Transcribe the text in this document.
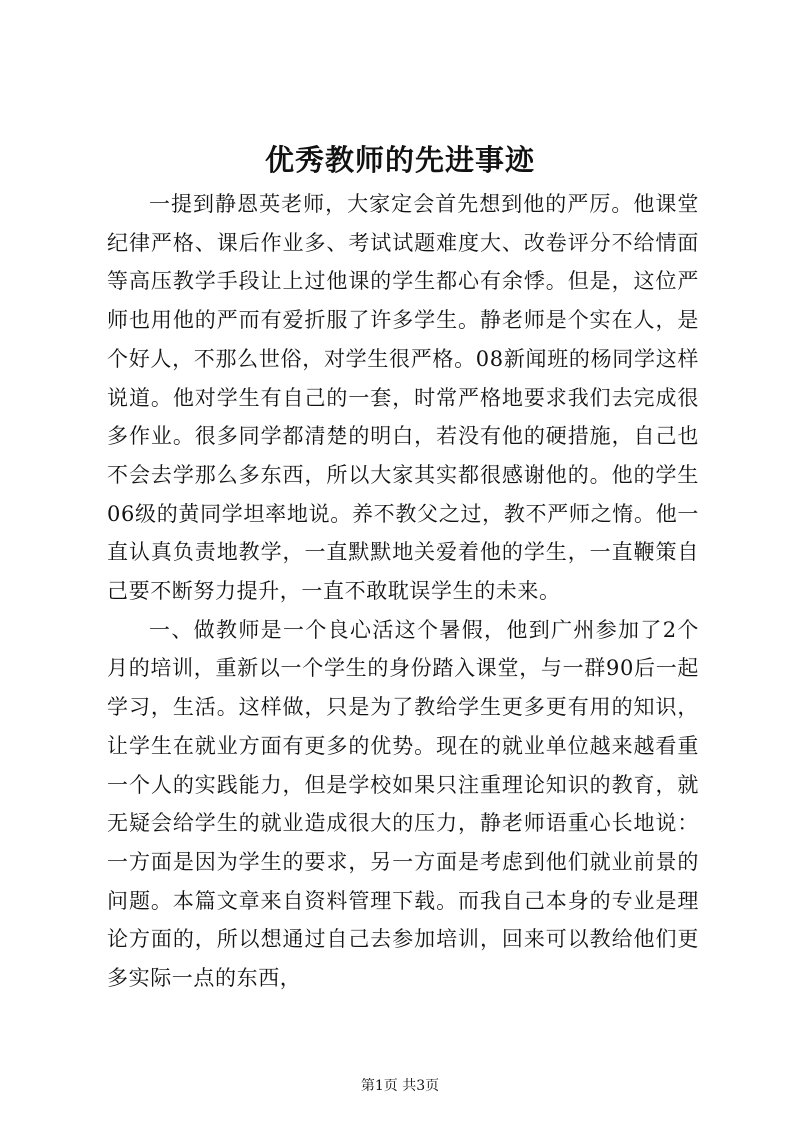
优秀教师的先进事迹

一提到静恩英老师，大家定会首先想到他的严厉。他课堂纪律严格、课后作业多、考试试题难度大、改卷评分不给情面等高压教学手段让上过他课的学生都心有余悸。但是，这位严师也用他的严而有爱折服了许多学生。静老师是个实在人，是个好人，不那么世俗，对学生很严格。08新闻班的杨同学这样说道。他对学生有自己的一套，时常严格地要求我们去完成很多作业。很多同学都清楚的明白，若没有他的硬措施，自己也不会去学那么多东西，所以大家其实都很感谢他的。他的学生06级的黄同学坦率地说。养不教父之过，教不严师之惰。他一直认真负责地教学，一直默默地关爱着他的学生，一直鞭策自己要不断努力提升，一直不敢耽误学生的未来。

一、做教师是一个良心活这个暑假，他到广州参加了2个月的培训，重新以一个学生的身份踏入课堂，与一群90后一起学习，生活。这样做，只是为了教给学生更多更有用的知识，让学生在就业方面有更多的优势。现在的就业单位越来越看重一个人的实践能力，但是学校如果只注重理论知识的教育，就无疑会给学生的就业造成很大的压力，静老师语重心长地说：一方面是因为学生的要求，另一方面是考虑到他们就业前景的问题。本篇文章来自资料管理下载。而我自己本身的专业是理论方面的，所以想通过自己去参加培训，回来可以教给他们更多实际一点的东西，

第1页 共3页
